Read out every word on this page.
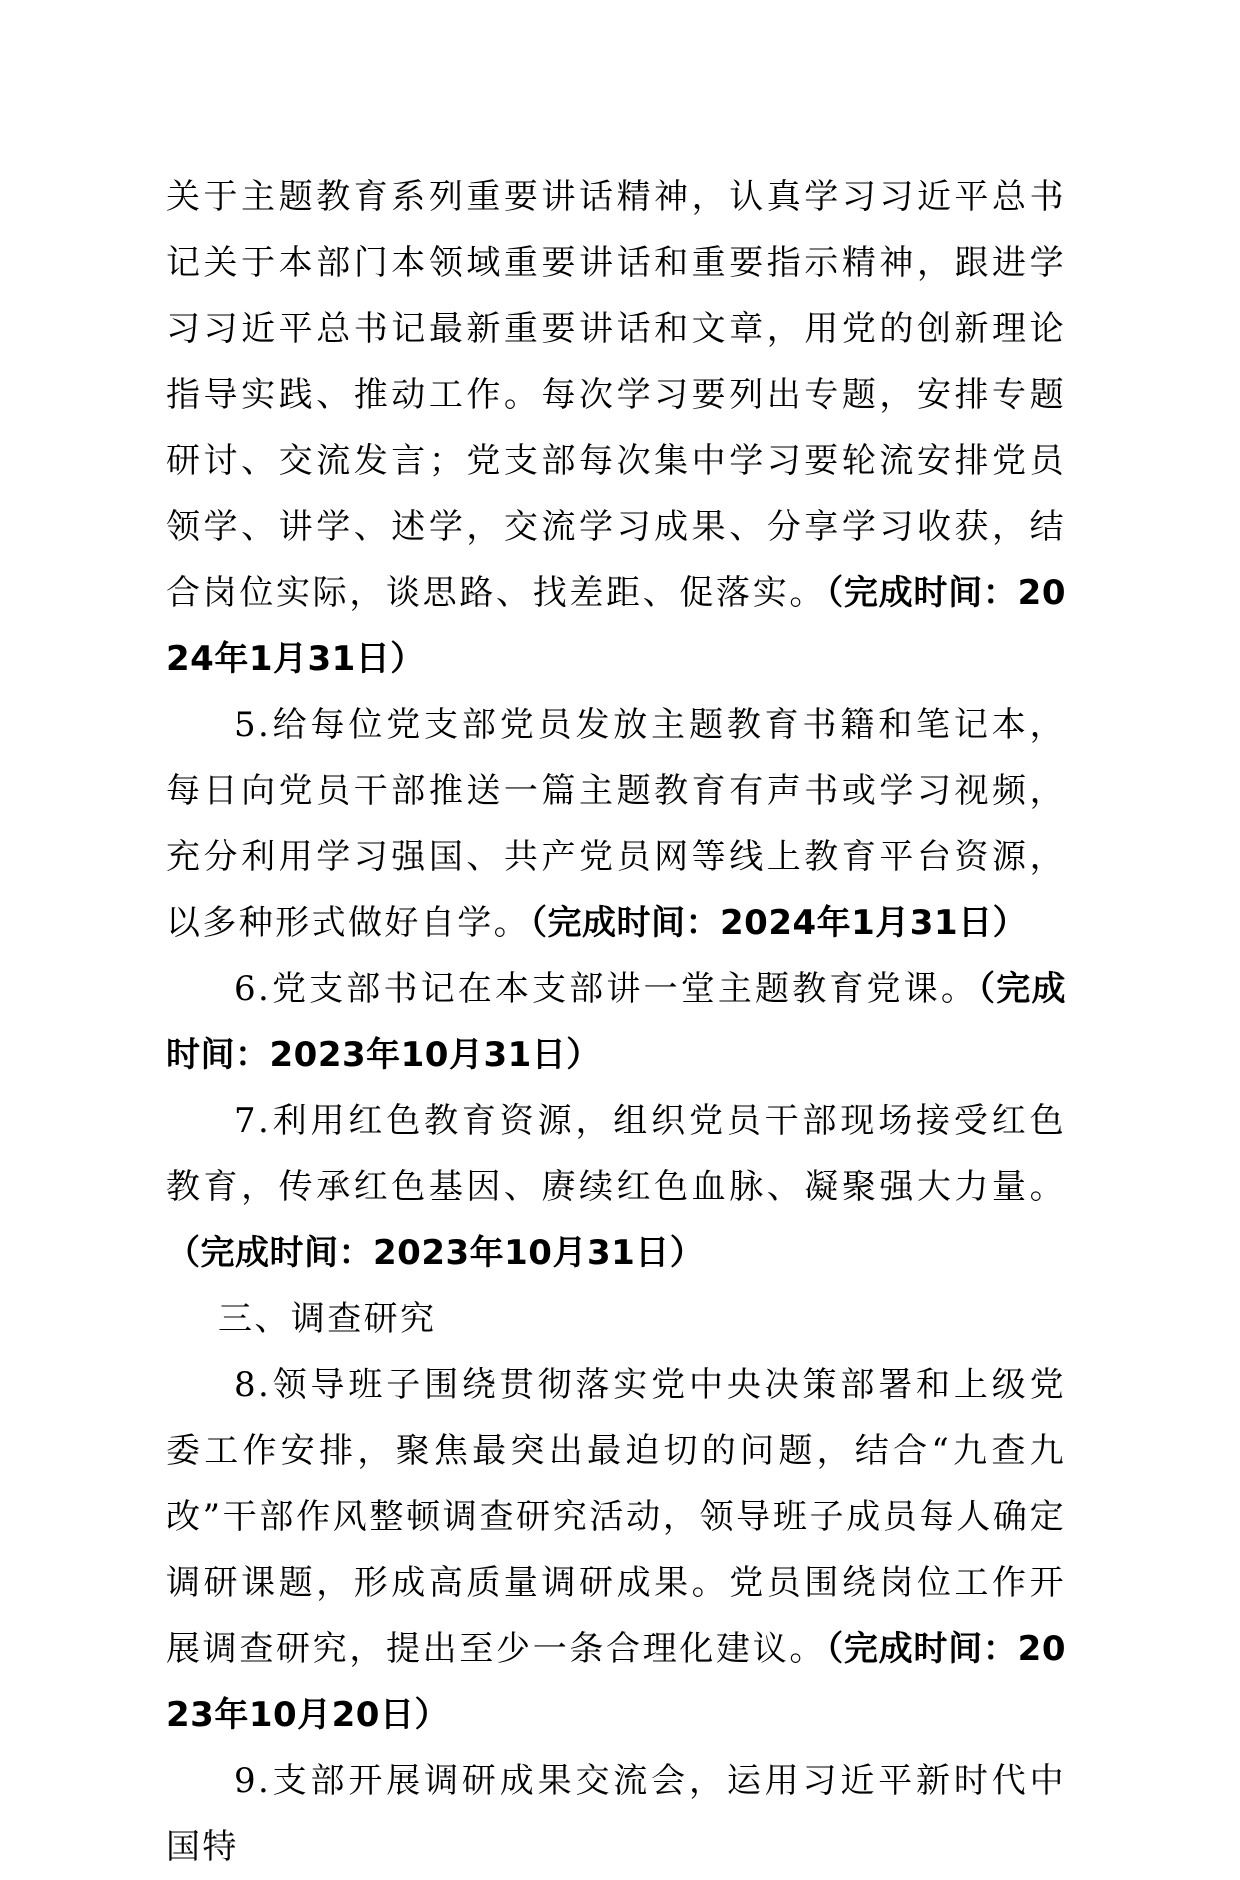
关于主题教育系列重要讲话精神，认真学习习近平总书记关于本部门本领域重要讲话和重要指示精神，跟进学习习近平总书记最新重要讲话和文章，用党的创新理论指导实践、推动工作。每次学习要列出专题，安排专题研讨、交流发言；党支部每次集中学习要轮流安排党员领学、讲学、述学，交流学习成果、分享学习收获，结合岗位实际，谈思路、找差距、促落实。（完成时间：2024年1月31日）

5.给每位党支部党员发放主题教育书籍和笔记本，每日向党员干部推送一篇主题教育有声书或学习视频，充分利用学习强国、共产党员网等线上教育平台资源，以多种形式做好自学。（完成时间：2024年1月31日）

6.党支部书记在本支部讲一堂主题教育党课。（完成时间：2023年10月31日）

7.利用红色教育资源，组织党员干部现场接受红色教育，传承红色基因、赓续红色血脉、凝聚强大力量。（完成时间：2023年10月31日）

三、调查研究

8.领导班子围绕贯彻落实党中央决策部署和上级党委工作安排，聚焦最突出最迫切的问题，结合“九查九改”干部作风整顿调查研究活动，领导班子成员每人确定调研课题，形成高质量调研成果。党员围绕岗位工作开展调查研究，提出至少一条合理化建议。（完成时间：2023年10月20日）

9.支部开展调研成果交流会，运用习近平新时代中国特
